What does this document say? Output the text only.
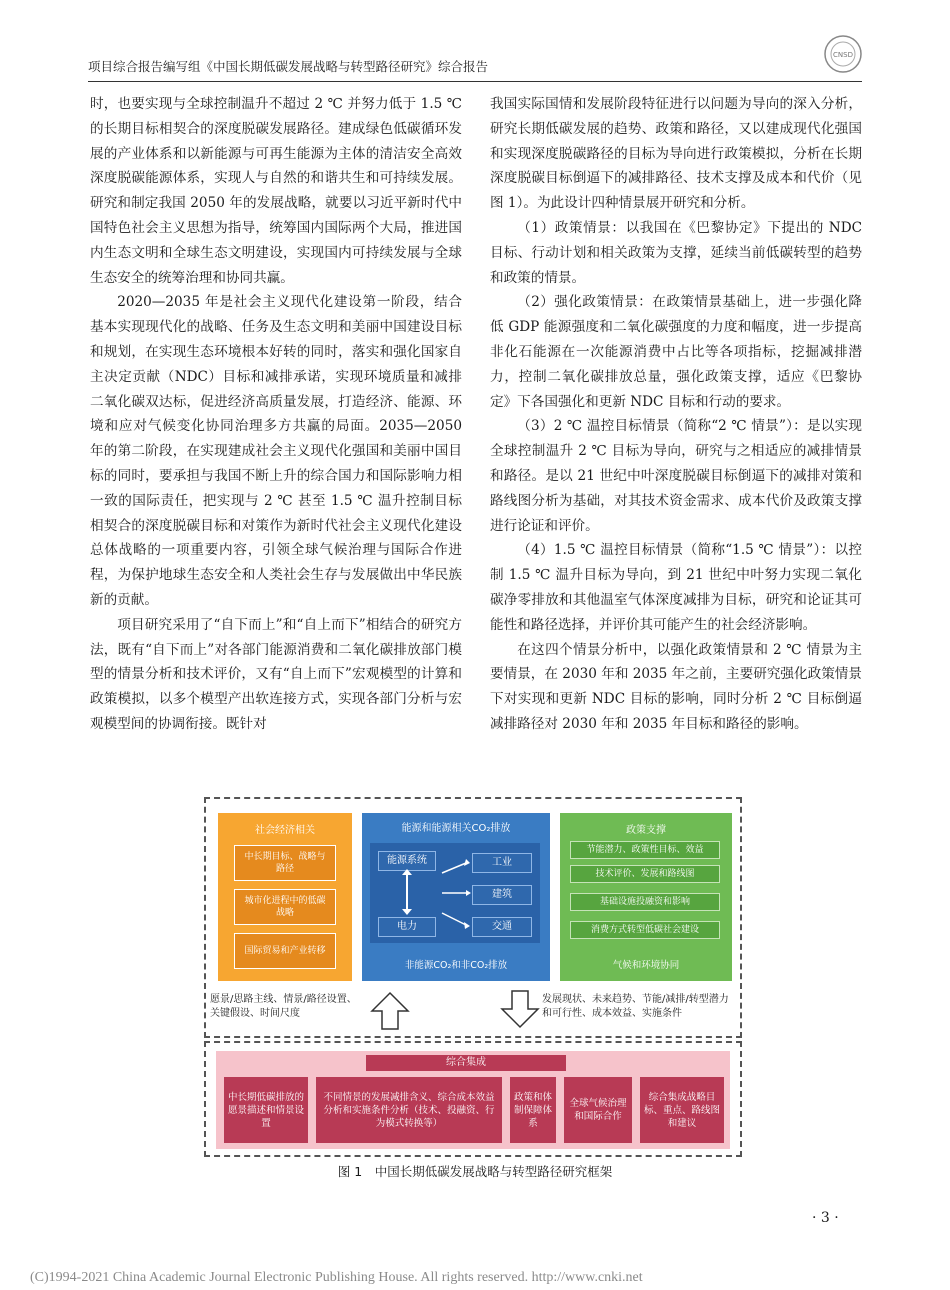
项目综合报告编写组《中国长期低碳发展战略与转型路径研究》综合报告
CNSD

时，也要实现与全球控制温升不超过 2 ℃ 并努力低于 1.5 ℃ 的长期目标相契合的深度脱碳发展路径。建成绿色低碳循环发展的产业体系和以新能源与可再生能源为主体的清洁安全高效深度脱碳能源体系，实现人与自然的和谐共生和可持续发展。研究和制定我国 2050 年的发展战略，就要以习近平新时代中国特色社会主义思想为指导，统筹国内国际两个大局，推进国内生态文明和全球生态文明建设，实现国内可持续发展与全球生态安全的统筹治理和协同共赢。

2020—2035 年是社会主义现代化建设第一阶段，结合基本实现现代化的战略、任务及生态文明和美丽中国建设目标和规划，在实现生态环境根本好转的同时，落实和强化国家自主决定贡献（NDC）目标和减排承诺，实现环境质量和减排二氧化碳双达标，促进经济高质量发展，打造经济、能源、环境和应对气候变化协同治理多方共赢的局面。2035—2050 年的第二阶段，在实现建成社会主义现代化强国和美丽中国目标的同时，要承担与我国不断上升的综合国力和国际影响力相一致的国际责任，把实现与 2 ℃ 甚至 1.5 ℃ 温升控制目标相契合的深度脱碳目标和对策作为新时代社会主义现代化建设总体战略的一项重要内容，引领全球气候治理与国际合作进程，为保护地球生态安全和人类社会生存与发展做出中华民族新的贡献。

项目研究采用了“自下而上”和“自上而下”相结合的研究方法，既有“自下而上”对各部门能源消费和二氧化碳排放部门模型的情景分析和技术评价，又有“自上而下”宏观模型的计算和政策模拟，以多个模型产出软连接方式，实现各部门分析与宏观模型间的协调衔接。既针对

我国实际国情和发展阶段特征进行以问题为导向的深入分析，研究长期低碳发展的趋势、政策和路径，又以建成现代化强国和实现深度脱碳路径的目标为导向进行政策模拟，分析在长期深度脱碳目标倒逼下的减排路径、技术支撑及成本和代价（见图 1）。为此设计四种情景展开研究和分析。

（1）政策情景：以我国在《巴黎协定》下提出的 NDC 目标、行动计划和相关政策为支撑，延续当前低碳转型的趋势和政策的情景。

（2）强化政策情景：在政策情景基础上，进一步强化降低 GDP 能源强度和二氧化碳强度的力度和幅度，进一步提高非化石能源在一次能源消费中占比等各项指标，挖掘减排潜力，控制二氧化碳排放总量，强化政策支撑，适应《巴黎协定》下各国强化和更新 NDC 目标和行动的要求。

（3）2 ℃ 温控目标情景（简称“2 ℃ 情景”）：是以实现全球控制温升 2 ℃ 目标为导向，研究与之相适应的减排情景和路径。是以 21 世纪中叶深度脱碳目标倒逼下的减排对策和路线图分析为基础，对其技术资金需求、成本代价及政策支撑进行论证和评价。

（4）1.5 ℃ 温控目标情景（简称“1.5 ℃ 情景”）：以控制 1.5 ℃ 温升目标为导向，到 21 世纪中叶努力实现二氧化碳净零排放和其他温室气体深度减排为目标，研究和论证其可能性和路径选择，并评价其可能产生的社会经济影响。

在这四个情景分析中，以强化政策情景和 2 ℃ 情景为主要情景，在 2030 年和 2035 年之前，主要研究强化政策情景下对实现和更新 NDC 目标的影响，同时分析 2 ℃ 目标倒逼减排路径对 2030 年和 2035 年目标和路径的影响。

社会经济相关
中长期目标、战略与路径
城市化进程中的低碳战略
国际贸易和产业转移
能源和能源相关CO₂排放
能源系统
电力
工业
建筑
交通
非能源CO₂和非CO₂排放
政策支撑
节能潜力、政策性目标、效益
技术评价、发展和路线图
基础设施投融资和影响
消费方式转型低碳社会建设
气候和环境协同
愿景/思路主线、情景/路径设置、关键假设、时间尺度
发展现状、未来趋势、节能/减排/转型潜力和可行性、成本效益、实施条件
综合集成
中长期低碳排放的愿景描述和情景设置
不同情景的发展减排含义、综合成本效益分析和实施条件分析（技术、投融资、行为模式转换等）
政策和体制保障体系
全球气候治理和国际合作
综合集成战略目标、重点、路线图和建议
图 1　中国长期低碳发展战略与转型路径研究框架
· 3 ·
(C)1994-2021 China Academic Journal Electronic Publishing House. All rights reserved. http://www.cnki.net
